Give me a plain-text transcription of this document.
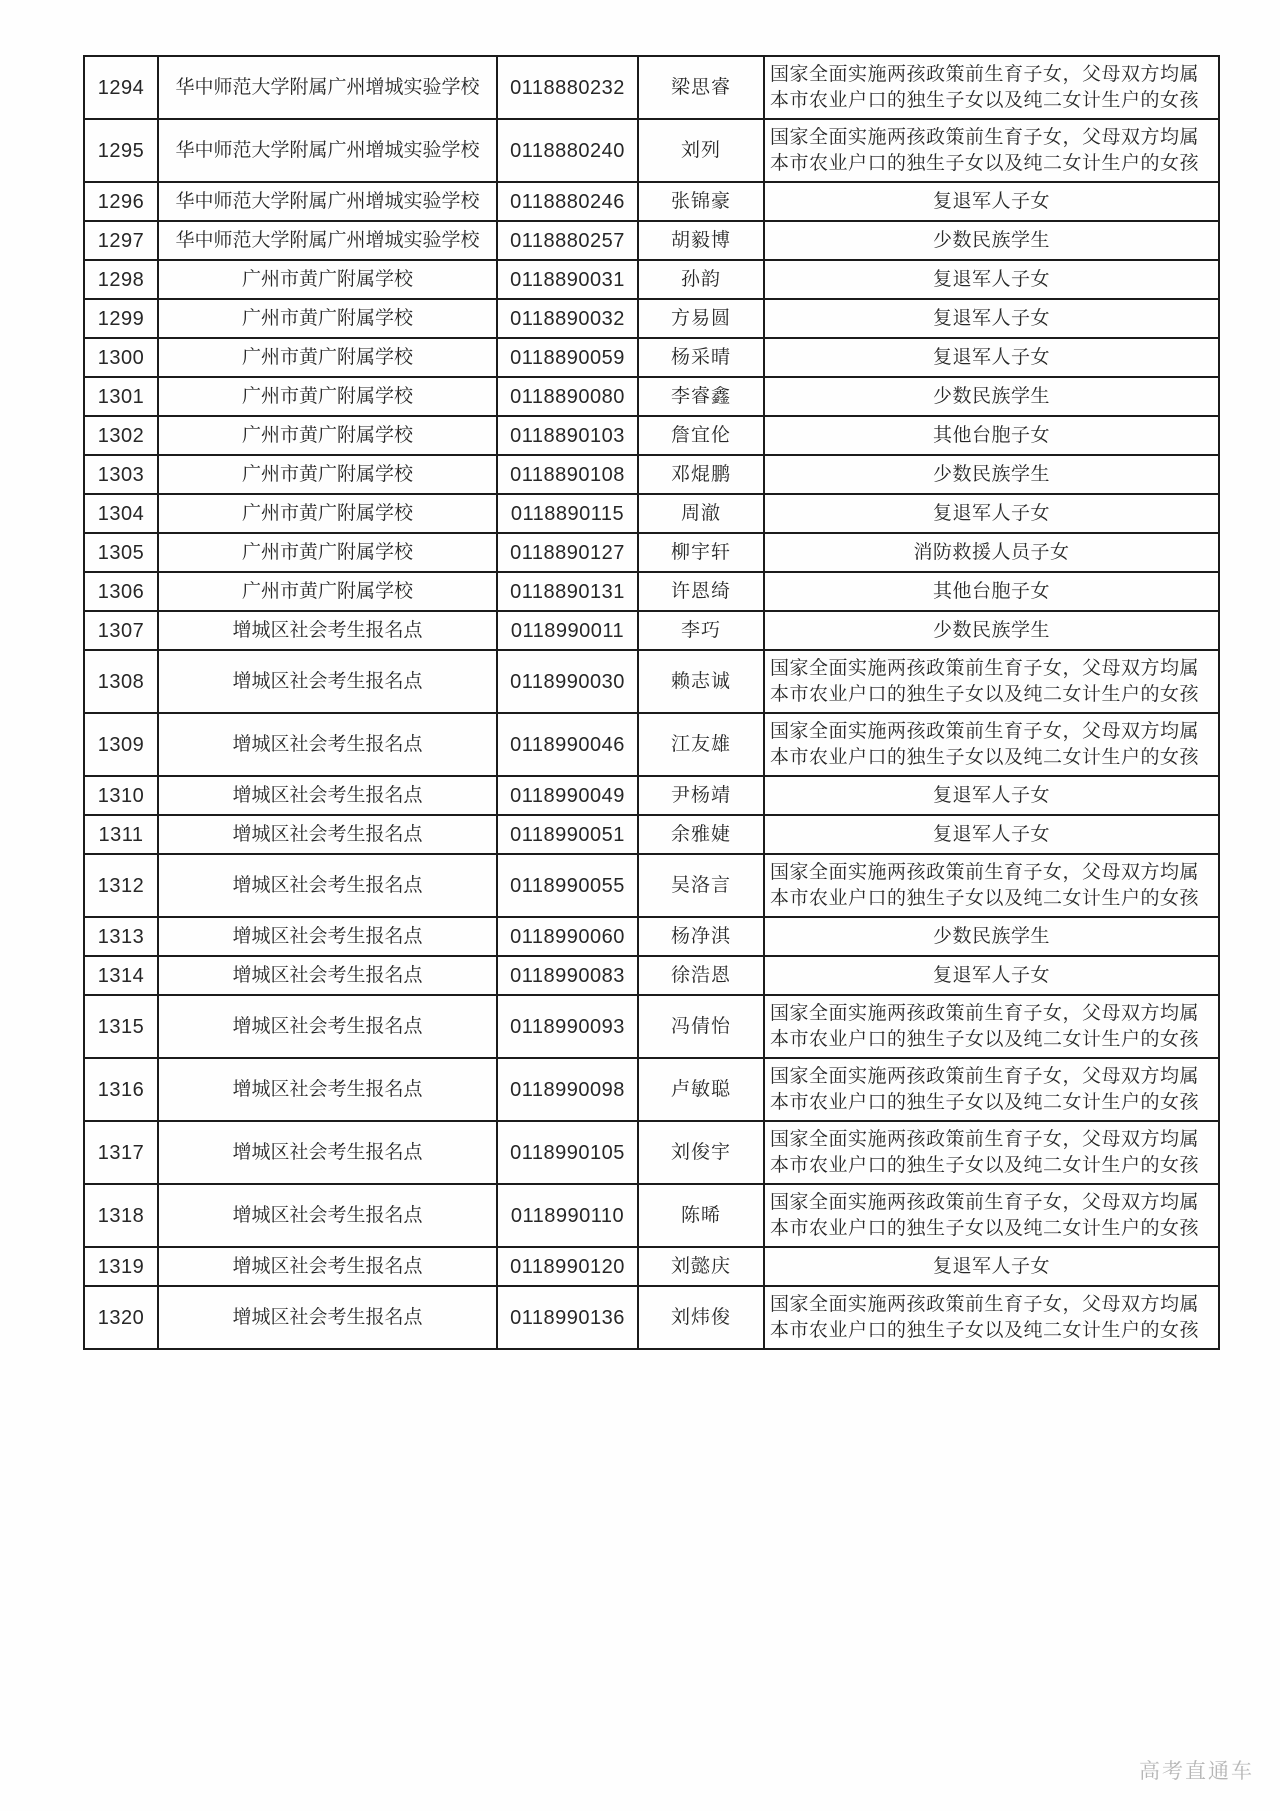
1294	华中师范大学附属广州增城实验学校	0118880232	梁思睿	国家全面实施两孩政策前生育子女，父母双方均属本市农业户口的独生子女以及纯二女计生户的女孩
1295	华中师范大学附属广州增城实验学校	0118880240	刘列	国家全面实施两孩政策前生育子女，父母双方均属本市农业户口的独生子女以及纯二女计生户的女孩
1296	华中师范大学附属广州增城实验学校	0118880246	张锦豪	复退军人子女
1297	华中师范大学附属广州增城实验学校	0118880257	胡毅博	少数民族学生
1298	广州市黄广附属学校	0118890031	孙韵	复退军人子女
1299	广州市黄广附属学校	0118890032	方易圆	复退军人子女
1300	广州市黄广附属学校	0118890059	杨采晴	复退军人子女
1301	广州市黄广附属学校	0118890080	李睿鑫	少数民族学生
1302	广州市黄广附属学校	0118890103	詹宜伦	其他台胞子女
1303	广州市黄广附属学校	0118890108	邓焜鹏	少数民族学生
1304	广州市黄广附属学校	0118890115	周澈	复退军人子女
1305	广州市黄广附属学校	0118890127	柳宇轩	消防救援人员子女
1306	广州市黄广附属学校	0118890131	许恩绮	其他台胞子女
1307	增城区社会考生报名点	0118990011	李巧	少数民族学生
1308	增城区社会考生报名点	0118990030	赖志诚	国家全面实施两孩政策前生育子女，父母双方均属本市农业户口的独生子女以及纯二女计生户的女孩
1309	增城区社会考生报名点	0118990046	江友雄	国家全面实施两孩政策前生育子女，父母双方均属本市农业户口的独生子女以及纯二女计生户的女孩
1310	增城区社会考生报名点	0118990049	尹杨靖	复退军人子女
1311	增城区社会考生报名点	0118990051	余雅婕	复退军人子女
1312	增城区社会考生报名点	0118990055	吴洛言	国家全面实施两孩政策前生育子女，父母双方均属本市农业户口的独生子女以及纯二女计生户的女孩
1313	增城区社会考生报名点	0118990060	杨净淇	少数民族学生
1314	增城区社会考生报名点	0118990083	徐浩恩	复退军人子女
1315	增城区社会考生报名点	0118990093	冯倩怡	国家全面实施两孩政策前生育子女，父母双方均属本市农业户口的独生子女以及纯二女计生户的女孩
1316	增城区社会考生报名点	0118990098	卢敏聪	国家全面实施两孩政策前生育子女，父母双方均属本市农业户口的独生子女以及纯二女计生户的女孩
1317	增城区社会考生报名点	0118990105	刘俊宇	国家全面实施两孩政策前生育子女，父母双方均属本市农业户口的独生子女以及纯二女计生户的女孩
1318	增城区社会考生报名点	0118990110	陈晞	国家全面实施两孩政策前生育子女，父母双方均属本市农业户口的独生子女以及纯二女计生户的女孩
1319	增城区社会考生报名点	0118990120	刘懿庆	复退军人子女
1320	增城区社会考生报名点	0118990136	刘炜俊	国家全面实施两孩政策前生育子女，父母双方均属本市农业户口的独生子女以及纯二女计生户的女孩
高考直通车
